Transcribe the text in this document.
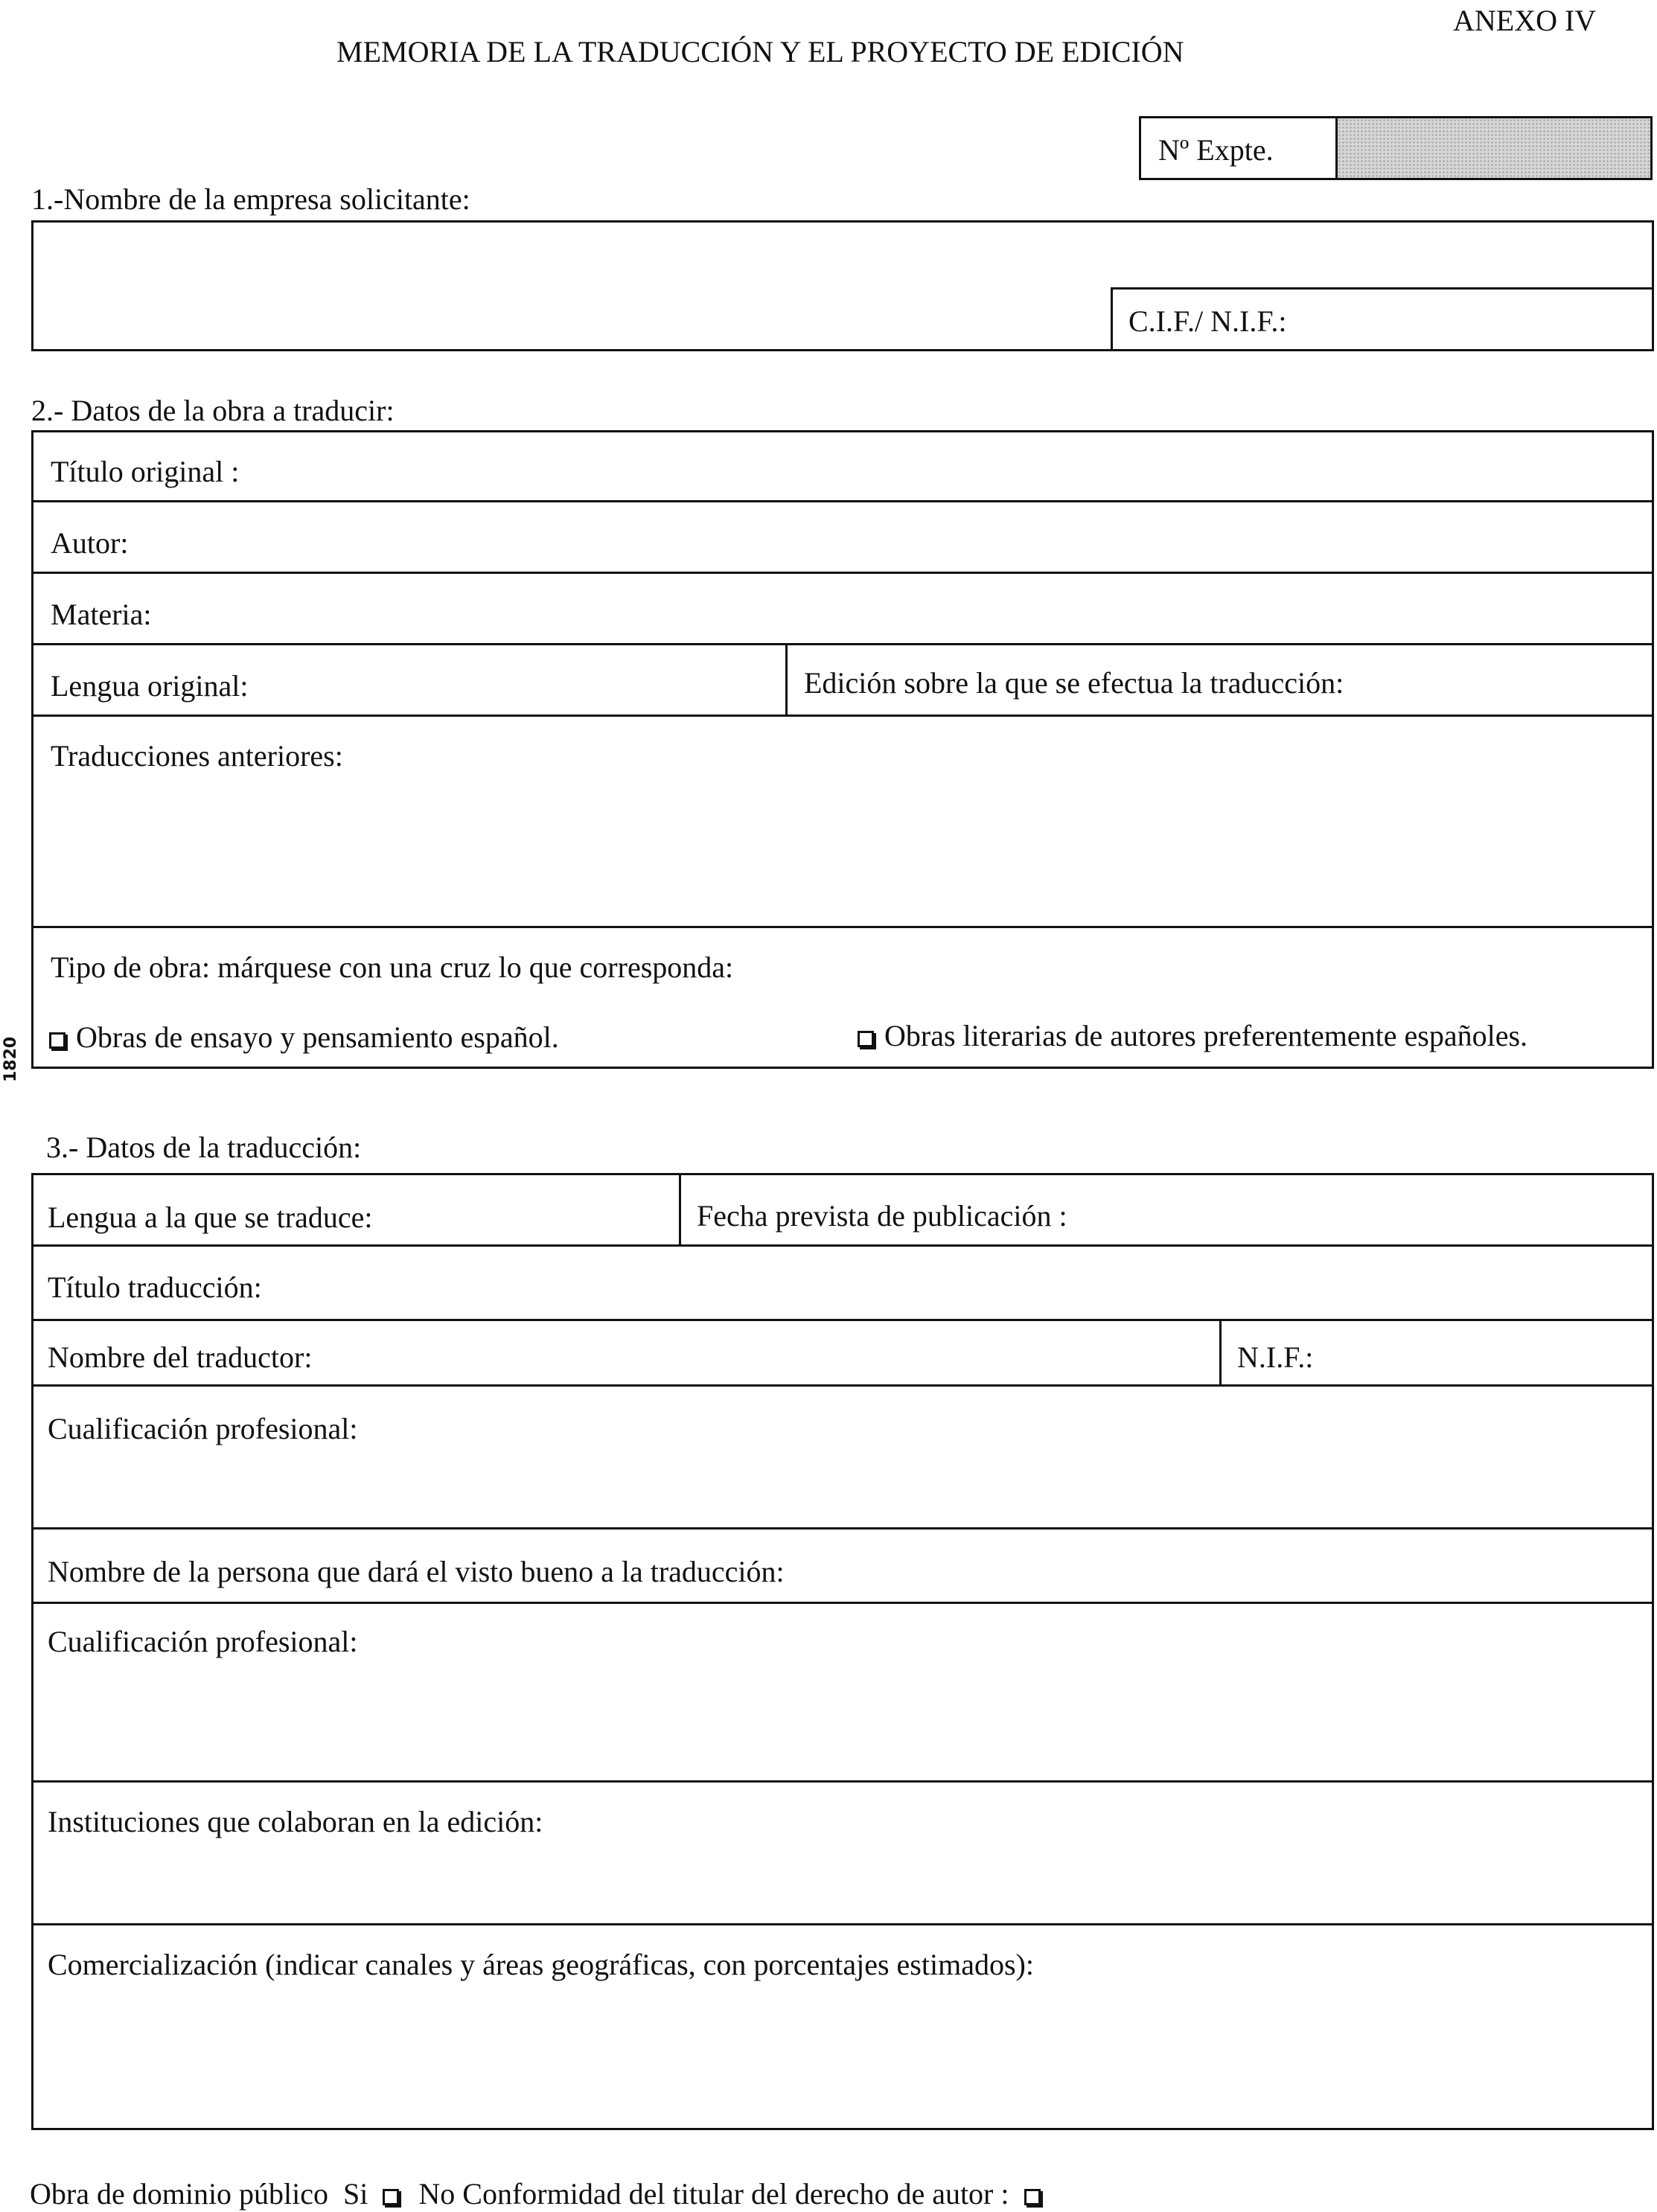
ANEXO IV
MEMORIA DE LA TRADUCCIÓN Y EL PROYECTO DE EDICIÓN
Nº Expte.
1.-Nombre de la empresa solicitante:
C.I.F./ N.I.F.:
2.- Datos de la obra a traducir:
Título original :
Autor:
Materia:
Lengua original:	Edición sobre la que se efectua la traducción:
Traducciones anteriores:
Tipo de obra: márquese con una cruz lo que corresponda:
Obras de ensayo y pensamiento español.	Obras literarias de autores preferentemente españoles.
1820
3.- Datos de la traducción:
Lengua a la que se traduce:	Fecha prevista de publicación :
Título traducción:
Nombre del traductor:	N.I.F.:
Cualificación profesional:
Nombre de la persona que dará el visto bueno a la traducción:
Cualificación profesional:
Instituciones que colaboran en la edición:
Comercialización (indicar canales y áreas geográficas, con porcentajes estimados):
Obra de dominio público Si No Conformidad del titular del derecho de autor :
